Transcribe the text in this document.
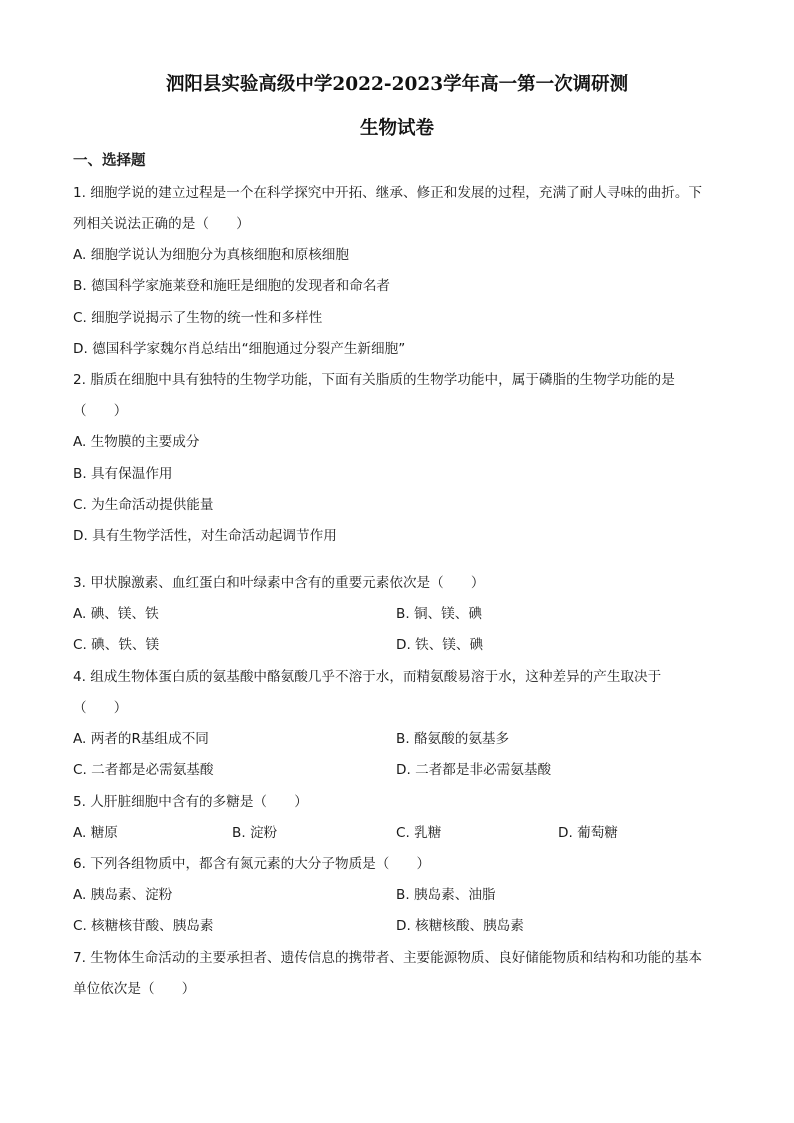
泗阳县实验高级中学2022-2023学年高一第一次调研测
生物试卷
一、选择题
1. 细胞学说的建立过程是一个在科学探究中开拓、继承、修正和发展的过程，充满了耐人寻味的曲折。下
列相关说法正确的是（　　）
A. 细胞学说认为细胞分为真核细胞和原核细胞
B. 德国科学家施莱登和施旺是细胞的发现者和命名者
C. 细胞学说揭示了生物的统一性和多样性
D. 德国科学家魏尔肖总结出“细胞通过分裂产生新细胞”
2. 脂质在细胞中具有独特的生物学功能，下面有关脂质的生物学功能中，属于磷脂的生物学功能的是
（　　）
A. 生物膜的主要成分
B. 具有保温作用
C. 为生命活动提供能量
D. 具有生物学活性，对生命活动起调节作用
3. 甲状腺激素、血红蛋白和叶绿素中含有的重要元素依次是（　　）
A. 碘、镁、铁	B. 铜、镁、碘
C. 碘、铁、镁	D. 铁、镁、碘
4. 组成生物体蛋白质的氨基酸中酪氨酸几乎不溶于水，而精氨酸易溶于水，这种差异的产生取决于
（　　）
A. 两者的R基组成不同	B. 酪氨酸的氨基多
C. 二者都是必需氨基酸	D. 二者都是非必需氨基酸
5. 人肝脏细胞中含有的多糖是（　　）
A. 糖原	B. 淀粉	C. 乳糖	D. 葡萄糖
6. 下列各组物质中，都含有氮元素的大分子物质是（　　）
A. 胰岛素、淀粉	B. 胰岛素、油脂
C. 核糖核苷酸、胰岛素	D. 核糖核酸、胰岛素
7. 生物体生命活动的主要承担者、遗传信息的携带者、主要能源物质、良好储能物质和结构和功能的基本
单位依次是（　　）
